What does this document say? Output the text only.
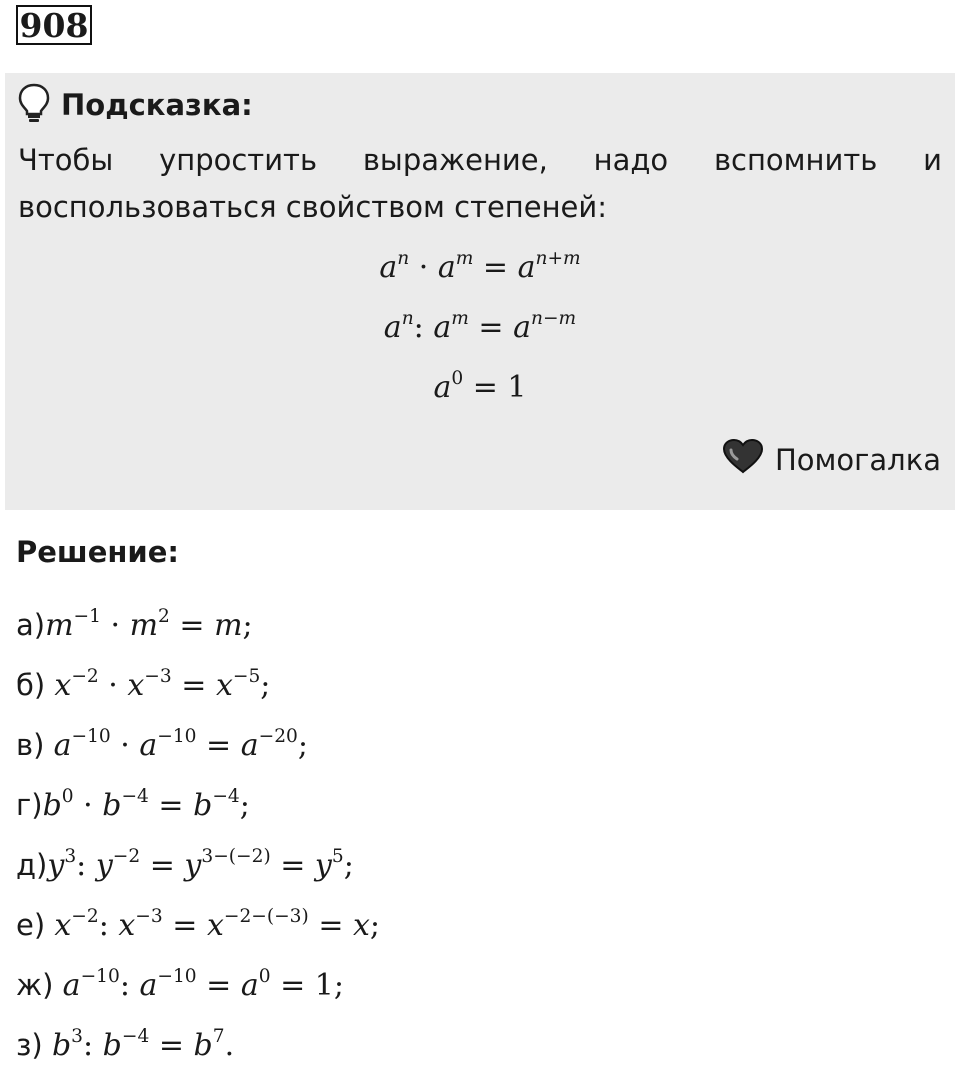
908
Подсказка:
Чтобы упростить выражение, надо вспомнить и
воспользоваться свойством степеней:
$a^n \cdot a^m = a^{n+m}$
$a^n$: $a^m = a^{n-m}$
$a^0 = 1$
Помогалка
Решение:
$а)m^{-1} \cdot m^2 = m$;
б) $x^{-2} \cdot x^{-3} = x^{-5}$;
в) $a^{-10} \cdot a^{-10} = a^{-20}$;
$г)b^0 \cdot b^{-4} = b^{-4}$;
$д)y^3$: $y^{-2} = y^{3-(-2)} = y^5$;
е) $x^{-2}$: $x^{-3} = x^{-2-(-3)} = x$;
ж) $a^{-10}$: $a^{-10} = a^0 = 1$;
з) $b^3$: $b^{-4} = b^7$.
